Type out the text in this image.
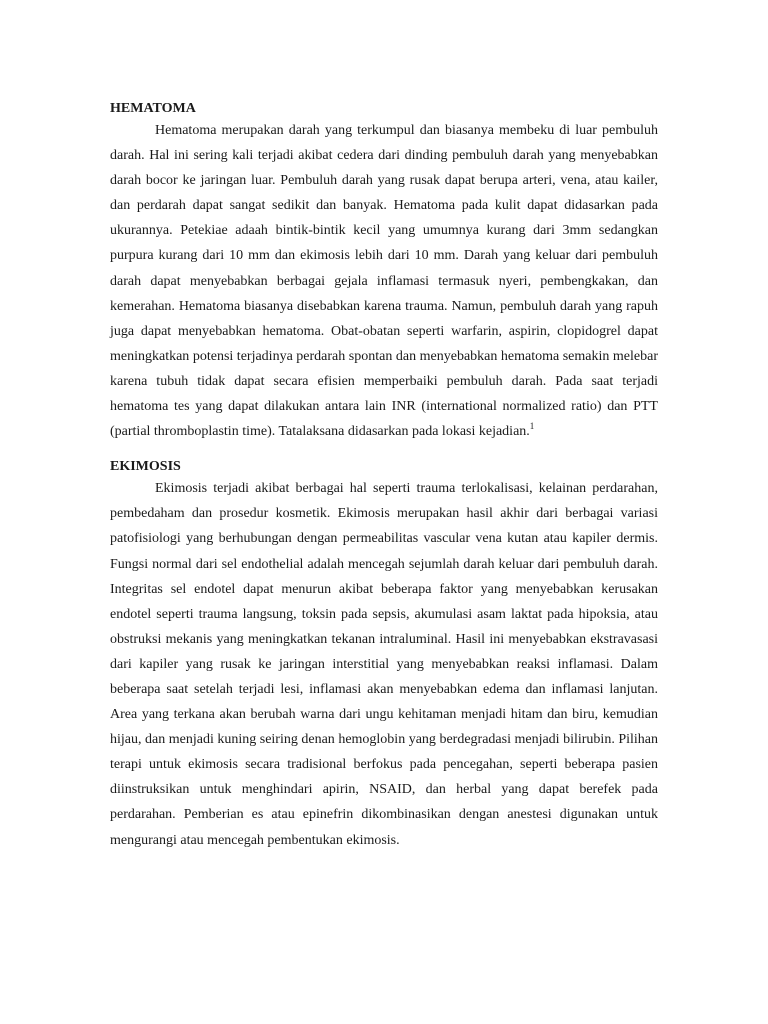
HEMATOMA

Hematoma merupakan darah yang terkumpul dan biasanya membeku di luar pembuluh darah. Hal ini sering kali terjadi akibat cedera dari dinding pembuluh darah yang menyebabkan darah bocor ke jaringan luar. Pembuluh darah yang rusak dapat berupa arteri, vena, atau kailer, dan perdarah dapat sangat sedikit dan banyak. Hematoma pada kulit dapat didasarkan pada ukurannya. Petekiae adaah bintik-bintik kecil yang umumnya kurang dari 3mm sedangkan purpura kurang dari 10 mm dan ekimosis lebih dari 10 mm. Darah yang keluar dari pembuluh darah dapat menyebabkan berbagai gejala inflamasi termasuk nyeri, pembengkakan, dan kemerahan. Hematoma biasanya disebabkan karena trauma. Namun, pembuluh darah yang rapuh juga dapat menyebabkan hematoma. Obat-obatan seperti warfarin, aspirin, clopidogrel dapat meningkatkan potensi terjadinya perdarah spontan dan menyebabkan hematoma semakin melebar karena tubuh tidak dapat secara efisien memperbaiki pembuluh darah. Pada saat terjadi hematoma tes yang dapat dilakukan antara lain INR (international normalized ratio) dan PTT (partial thromboplastin time). Tatalaksana didasarkan pada lokasi kejadian.$^1$

EKIMOSIS

Ekimosis terjadi akibat berbagai hal seperti trauma terlokalisasi, kelainan perdarahan, pembedaham dan prosedur kosmetik. Ekimosis merupakan hasil akhir dari berbagai variasi patofisiologi yang berhubungan dengan permeabilitas vascular vena kutan atau kapiler dermis. Fungsi normal dari sel endothelial adalah mencegah sejumlah darah keluar dari pembuluh darah. Integritas sel endotel dapat menurun akibat beberapa faktor yang menyebabkan kerusakan endotel seperti trauma langsung, toksin pada sepsis, akumulasi asam laktat pada hipoksia, atau obstruksi mekanis yang meningkatkan tekanan intraluminal. Hasil ini menyebabkan ekstravasasi dari kapiler yang rusak ke jaringan interstitial yang menyebabkan reaksi inflamasi. Dalam beberapa saat setelah terjadi lesi, inflamasi akan menyebabkan edema dan inflamasi lanjutan. Area yang terkana akan berubah warna dari ungu kehitaman menjadi hitam dan biru, kemudian hijau, dan menjadi kuning seiring denan hemoglobin yang berdegradasi menjadi bilirubin. Pilihan terapi untuk ekimosis secara tradisional berfokus pada pencegahan, seperti beberapa pasien diinstruksikan untuk menghindari apirin, NSAID, dan herbal yang dapat berefek pada perdarahan. Pemberian es atau epinefrin dikombinasikan dengan anestesi digunakan untuk mengurangi atau mencegah pembentukan ekimosis.
